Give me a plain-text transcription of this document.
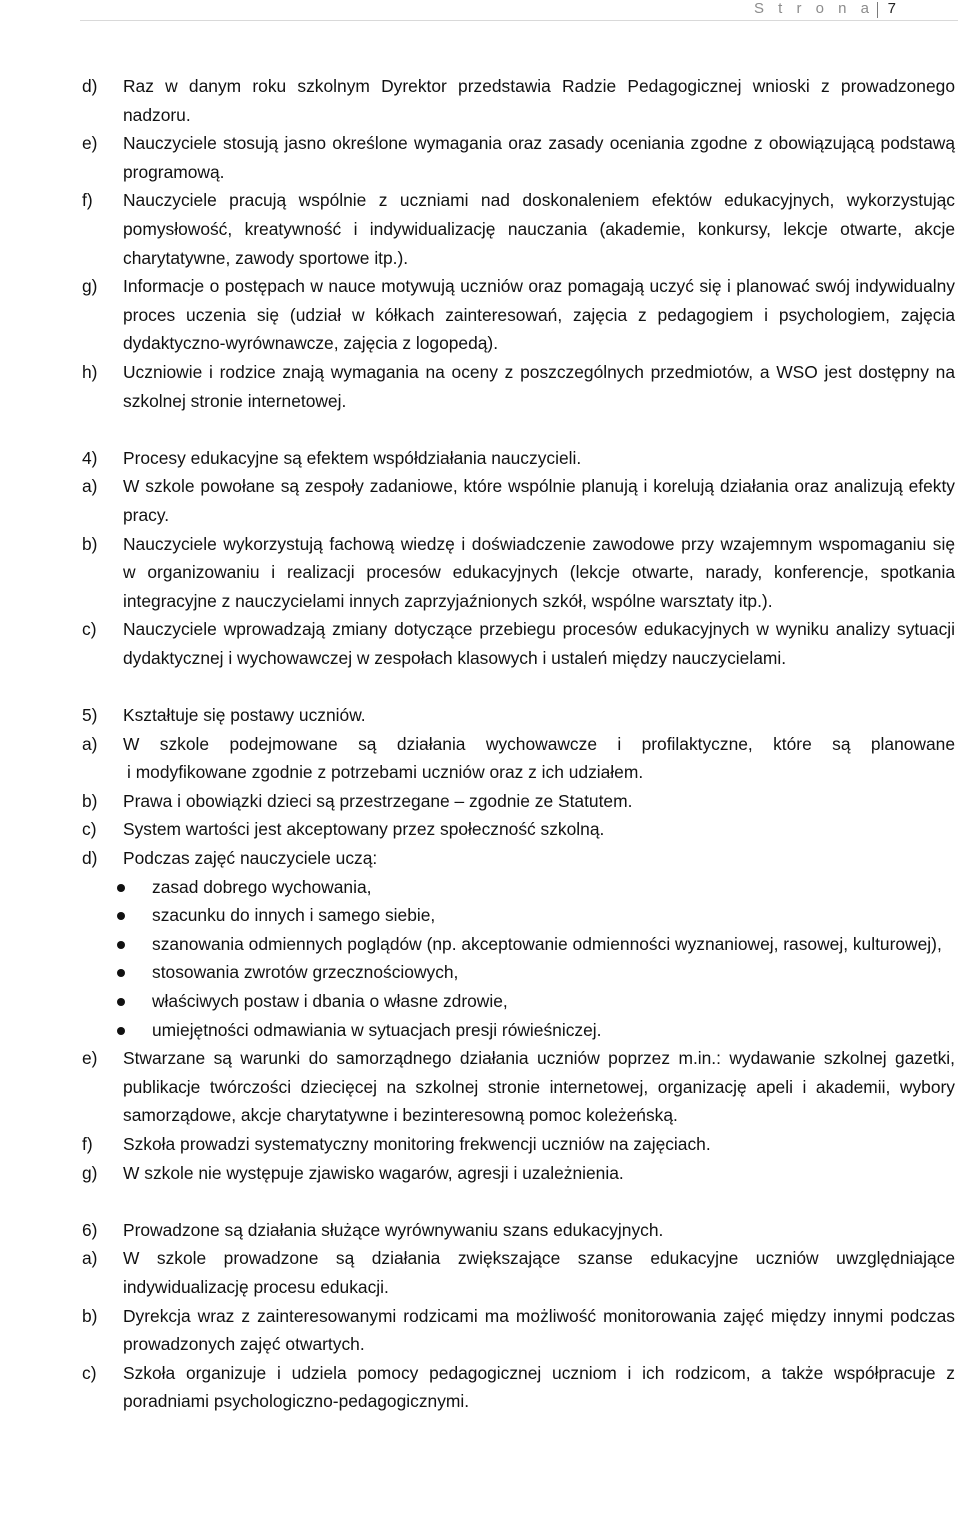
S t r o n a 7
d) Raz w danym roku szkolnym Dyrektor przedstawia Radzie Pedagogicznej wnioski z prowadzonego nadzoru.
e) Nauczyciele stosują jasno określone wymagania oraz zasady oceniania zgodne z obowiązującą podstawą programową.
f) Nauczyciele pracują wspólnie z uczniami nad doskonaleniem efektów edukacyjnych, wykorzystując pomysłowość, kreatywność i indywidualizację nauczania (akademie, konkursy, lekcje otwarte, akcje charytatywne, zawody sportowe itp.).
g) Informacje o postępach w nauce motywują uczniów oraz pomagają uczyć się i planować swój indywidualny proces uczenia się (udział w kółkach zainteresowań, zajęcia z pedagogiem i psychologiem, zajęcia dydaktyczno-wyrównawcze, zajęcia z logopedą).
h) Uczniowie i rodzice znają wymagania na oceny z poszczególnych przedmiotów, a WSO jest dostępny na szkolnej stronie internetowej.
4) Procesy edukacyjne są efektem współdziałania nauczycieli.
a) W szkole powołane są zespoły zadaniowe, które wspólnie planują i korelują działania oraz analizują efekty pracy.
b) Nauczyciele wykorzystują fachową wiedzę i doświadczenie zawodowe przy wzajemnym wspomaganiu się w organizowaniu i realizacji procesów edukacyjnych (lekcje otwarte, narady, konferencje, spotkania integracyjne z nauczycielami innych zaprzyjaźnionych szkół, wspólne warsztaty itp.).
c) Nauczyciele wprowadzają zmiany dotyczące przebiegu procesów edukacyjnych w wyniku analizy sytuacji dydaktycznej i wychowawczej w zespołach klasowych i ustaleń między nauczycielami.
5) Kształtuje się postawy uczniów.
a) W szkole podejmowane są działania wychowawcze i profilaktyczne, które są planowane
i modyfikowane zgodnie z potrzebami uczniów oraz z ich udziałem.
b) Prawa i obowiązki dzieci są przestrzegane – zgodnie ze Statutem.
c) System wartości jest akceptowany przez społeczność szkolną.
d) Podczas zajęć nauczyciele uczą:
zasad dobrego wychowania,
szacunku do innych i samego siebie,
szanowania odmiennych poglądów (np. akceptowanie odmienności wyznaniowej, rasowej, kulturowej),
stosowania zwrotów grzecznościowych,
właściwych postaw i dbania o własne zdrowie,
umiejętności odmawiania w sytuacjach presji rówieśniczej.
e) Stwarzane są warunki do samorządnego działania uczniów poprzez m.in.: wydawanie szkolnej gazetki, publikacje twórczości dziecięcej na szkolnej stronie internetowej, organizację apeli i akademii, wybory samorządowe, akcje charytatywne i bezinteresowną pomoc koleżeńską.
f) Szkoła prowadzi systematyczny monitoring frekwencji uczniów na zajęciach.
g) W szkole nie występuje zjawisko wagarów, agresji i uzależnienia.
6) Prowadzone są działania służące wyrównywaniu szans edukacyjnych.
a) W szkole prowadzone są działania zwiększające szanse edukacyjne uczniów uwzględniające indywidualizację procesu edukacji.
b) Dyrekcja wraz z zainteresowanymi rodzicami ma możliwość monitorowania zajęć między innymi podczas prowadzonych zajęć otwartych.
c) Szkoła organizuje i udziela pomocy pedagogicznej uczniom i ich rodzicom, a także współpracuje z poradniami psychologiczno-pedagogicznymi.
